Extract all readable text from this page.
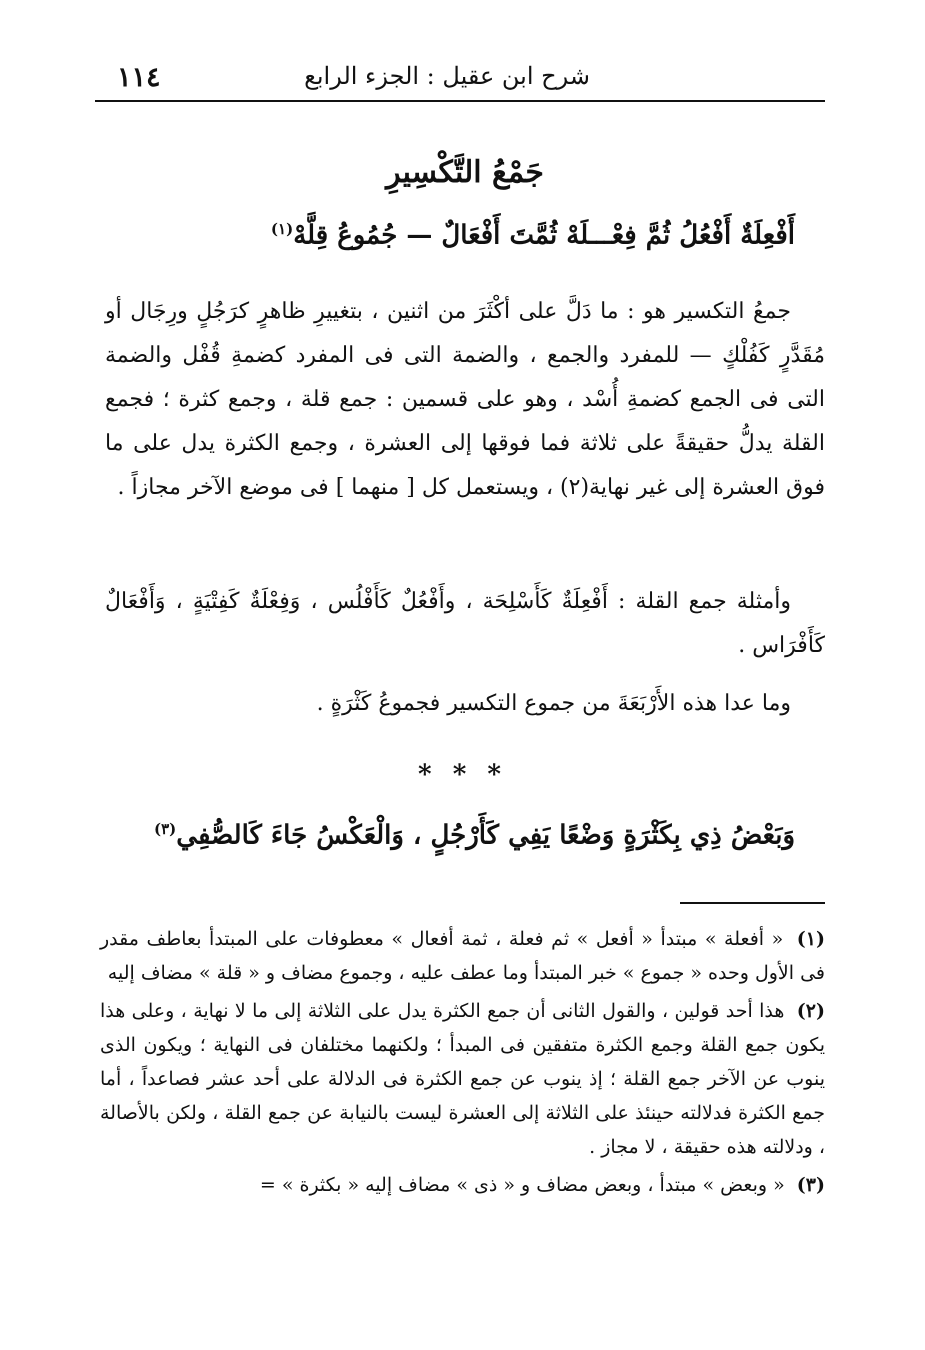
١١٤	شرح ابن عقيل : الجزء الرابع
جَمْعُ التَّكْسِيرِ
أَفْعِلَةٌ أَفْعُلُ ثُمَّ فِعْـــلَهْ ثُمَّتَ أَفْعَالٌ — جُمُوعُ قِلَّهْ$^{(١)}$

جمعُ التكسير هو : ما دَلَّ على أكْثَرَ من اثنين ، بتغييرِ ظاهرٍ كرَجُلٍ ورِجَال أو مُقَدَّرٍ كَفُلْكٍ — للمفرد والجمع ، والضمة التى فى المفرد كضمةِ قُفْل والضمة التى فى الجمع كضمةِ أُسْد ، وهو على قسمين : جمع قلة ، وجمع كثرة ؛ فجمع القلة يدلُّ حقيقةً على ثلاثة فما فوقها إلى العشرة ، وجمع الكثرة يدل على ما فوق العشرة إلى غير نهاية(٢) ، ويستعمل كل [ منهما ] فى موضع الآخر مجازاً .

وأمثلة جمع القلة : أَفْعِلَةٌ كَأَسْلِحَة ، وأَفْعُلٌ كَأَفْلُس ، وَفِعْلَةٌ كَفِتْيَةٍ ، وَأَفْعَالٌ كَأَفْرَاس .

وما عدا هذه الأَرْبَعَةَ من جموع التكسير فجموعُ كَثْرَةٍ .

* * *
وَبَعْضُ ذِي بِكَثْرَةٍ وَضْعًا يَفِي كَأَرْجُلٍ ، وَالْعَكْسُ جَاءَ كَالصُّفِي$^{(٣)}$

(١) « أفعلة » مبتدأ « أفعل » ثم فعلة ، ثمة أفعال » معطوفات على المبتدأ بعاطف مقدر فى الأول وحده « جموع » خبر المبتدأ وما عطف عليه ، وجموع مضاف و « قلة » مضاف إليه

(٢) هذا أحد قولين ، والقول الثانى أن جمع الكثرة يدل على الثلاثة إلى ما لا نهاية ، وعلى هذا يكون جمع القلة وجمع الكثرة متفقين فى المبدأ ؛ ولكنهما مختلفان فى النهاية ؛ ويكون الذى ينوب عن الآخر جمع القلة ؛ إذ ينوب عن جمع الكثرة فى الدلالة على أحد عشر فصاعداً ، أما جمع الكثرة فدلالته حينئذ على الثلاثة إلى العشرة ليست بالنيابة عن جمع القلة ، ولكن بالأصالة ، ودلالته هذه حقيقة ، لا مجاز .

(٣) « وبعض » مبتدأ ، وبعض مضاف و « ذى » مضاف إليه « بكثرة » =
